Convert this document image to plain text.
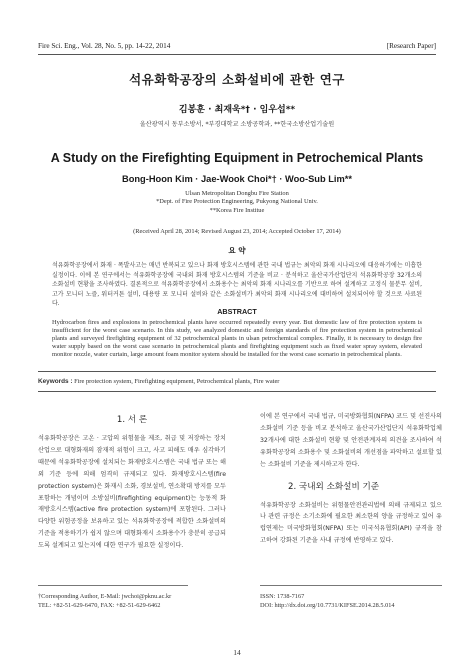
Fire Sci. Eng., Vol. 28, No. 5, pp. 14-22, 2014	[Research Paper]
석유화학공장의 소화설비에 관한 연구
김봉훈 · 최재욱*† · 임우섭**
울산광역시 동부소방서, *부경대학교 소방공학과, **한국소방산업기술원
A Study on the Firefighting Equipment in Petrochemical Plants
Bong-Hoon Kim · Jae-Wook Choi*† · Woo-Sub Lim**
Ulsan Metropolitan Dongbu Fire Station
*Dept. of Fire Protection Engineering, Pukyong National Univ.
**Korea Fire Institue
(Received April 28, 2014; Revised August 23, 2014; Accepted October 17, 2014)
요 약
석유화학공장에서 화재 · 폭발사고는 매년 반복되고 있으나 화재 방호시스템에 관한 국내 법규는 최악의 화재 시나리오에 대응하기에는 미흡한 실정이다. 이에 본 연구에서는 석유화학공장에 국내외 화재 방호시스템의 기준을 비교 · 분석하고 울산국가산업단지 석유화학공장 32개소의 소화설비 현황을 조사하였다. 결론적으로 석유화학공장에서 소화용수는 최악의 화재 시나리오를 기반으로 하여 설계하고 고정식 물분무 설비, 고가 모니터 노즐, 워터커튼 설비, 대용량 포 모니터 설비와 같은 소화설비가 최악의 화재 시나리오에 대비하여 설치되어야 할 것으로 사료된다.
ABSTRACT
Hydrocarbon fires and explosions in petrochemical plants have occurred repeatedly every year. But domestic law of fire protection system is insufficient for the worst case scenario. In this study, we analyzed domestic and foreign standards of fire protection system in petrochemical plants and surveyed firefighting equipment of 32 petrochemical plants in ulsan petrochemical complex. Finally, it is necessary to design fire water supply based on the worst case scenario in petrochemical plants and firefighting equipment such as fixed water spray system, elevated monitor nozzle, water curtain, large amount foam monitor system should be installed for the worst case scenario in petrochemical plants.
Keywords : Fire protection system, Firefighting equipment, Petrochemical plants, Fire water
1. 서 론
석유화학공장은 고온 · 고압의 위험물을 제조, 취급 및 저장하는 장치산업으로 대형화재의 잠재적 위험이 크고, 사고 피해도 매우 심각하기 때문에 석유화학공장에 설치되는 화재방호시스템은 국내 법규 또는 해외 기준 등에 의해 엄격히 규제되고 있다. 화재방호시스템(fire protection system)은 화재시 소화, 경보설비, 연소확대 방지를 모두 포함하는 개념이며 소방설비(firefighting equipment)는 능동적 화재방호시스템(active fire protection system)에 포함된다. 그러나 다양한 위험공정을 보유하고 있는 석유화학공장에 적합한 소화설비의 기준을 적용하기가 쉽지 않으며 대형화재시 소화용수가 충분히 공급되도록 설계되고 있는지에 대한 연구가 필요한 실정이다.
이에 본 연구에서 국내 법규, 미국방화협회(NFPA) 코드 및 선진사의 소화설비 기준 등을 비교 분석하고 울산국가산업단지 석유화학업체 32개사에 대한 소화설비 현황 및 안전관계자의 의견을 조사하여 석유화학공장의 소화용수 및 소화설비의 개선점을 파악하고 설료할 있는 소화설비 기준을 제시하고자 한다.
2. 국내외 소화설비 기준
석유화학공장 소화설비는 위험물안전관리법에 의해 규제되고 있으나 관련 규정은 소기소화에 필요한 최소한의 양을 규정하고 있어 유럽연제는 미국방화협회(NFPA) 또는 미국석유협회(API) 규격을 참고하여 강화된 기준을 사내 규정에 반영하고 있다.
†Corresponding Author, E-Mail: jwchoi@pknu.ac.kr
TEL: +82-51-629-6470, FAX: +82-51-629-6462
ISSN: 1738-7167
DOI: http://dx.doi.org/10.7731/KIFSE.2014.28.5.014
14
